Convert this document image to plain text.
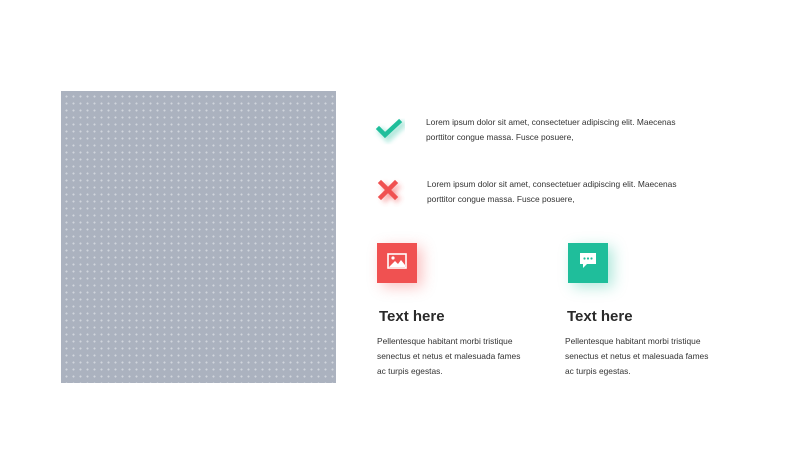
Lorem ipsum dolor sit amet, consectetuer adipiscing elit. Maecenas porttitor congue massa. Fusce posuere,
Lorem ipsum dolor sit amet, consectetuer adipiscing elit. Maecenas porttitor congue massa. Fusce posuere,
Text here
Pellentesque habitant morbi tristique senectus et netus et malesuada fames ac turpis egestas.
Text here
Pellentesque habitant morbi tristique senectus et netus et malesuada fames ac turpis egestas.
